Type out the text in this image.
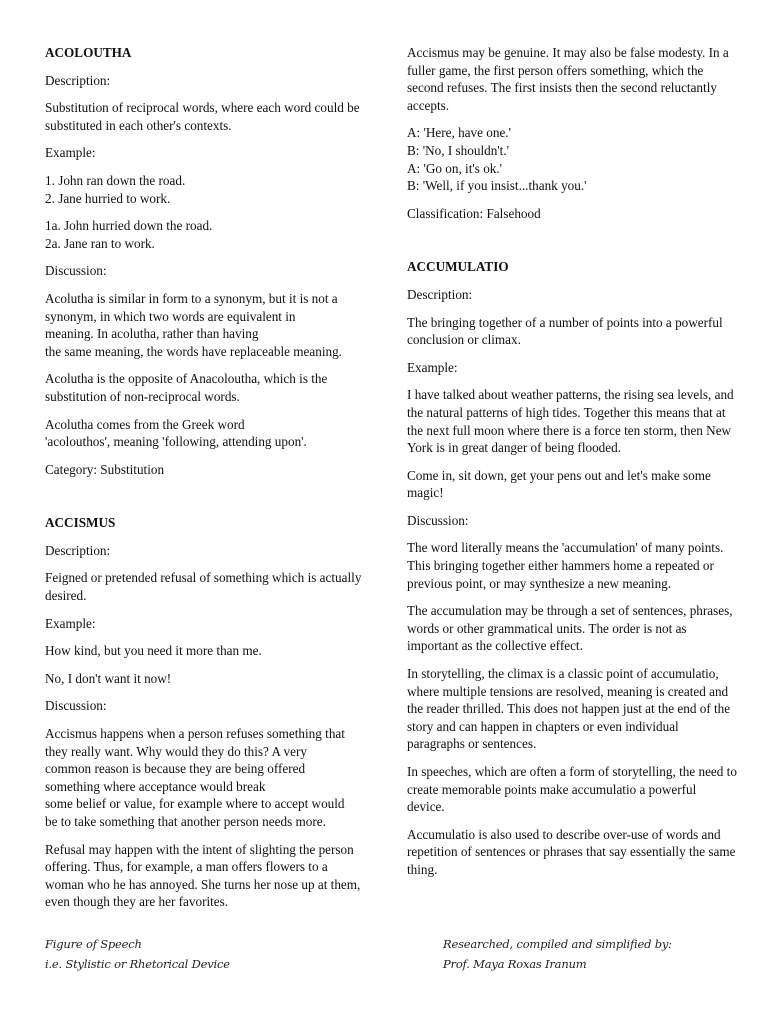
ACOLOUTHA

Description:

Substitution of reciprocal words, where each word could be substituted in each other's contexts.

Example:

1. John ran down the road.
2. Jane hurried to work.

1a. John hurried down the road.
2a. Jane ran to work.

Discussion:

Acolutha is similar in form to a synonym, but it is not a
synonym, in which two words are equivalent in
meaning. In acolutha, rather than having
the same meaning, the words have replaceable meaning.

Acolutha is the opposite of Anacoloutha, which is the substitution of non-reciprocal words.

Acolutha comes from the Greek word
'acolouthos', meaning 'following, attending upon'.

Category: Substitution

ACCISMUS

Description:

Feigned or pretended refusal of something which is actually desired.

Example:

How kind, but you need it more than me.

No, I don't want it now!

Discussion:

Accismus happens when a person refuses something that
they really want. Why would they do this? A very
common reason is because they are being offered
something where acceptance would break
some belief or value, for example where to accept would
be to take something that another person needs more.

Refusal may happen with the intent of slighting the person offering. Thus, for example, a man offers flowers to a woman who he has annoyed. She turns her nose up at them, even though they are her favorites.

Accismus may be genuine. It may also be false modesty. In a fuller game, the first person offers something, which the second refuses. The first insists then the second reluctantly accepts.

A: 'Here, have one.'
B: 'No, I shouldn't.'
A: 'Go on, it's ok.'
B: 'Well, if you insist...thank you.'

Classification: Falsehood

ACCUMULATIO

Description:

The bringing together of a number of points into a powerful conclusion or climax.

Example:

I have talked about weather patterns, the rising sea levels, and the natural patterns of high tides. Together this means that at the next full moon where there is a force ten storm, then New York is in great danger of being flooded.

Come in, sit down, get your pens out and let's make some magic!

Discussion:

The word literally means the 'accumulation' of many points. This bringing together either hammers home a repeated or previous point, or may synthesize a new meaning.

The accumulation may be through a set of sentences, phrases, words or other grammatical units. The order is not as important as the collective effect.

In storytelling, the climax is a classic point of accumulatio, where multiple tensions are resolved, meaning is created and the reader thrilled. This does not happen just at the end of the story and can happen in chapters or even individual paragraphs or sentences.

In speeches, which are often a form of storytelling, the need to create memorable points make accumulatio a powerful device.

Accumulatio is also used to describe over-use of words and repetition of sentences or phrases that say essentially the same thing.

Figure of Speech
i.e. Stylistic or Rhetorical Device
Researched, compiled and simplified by:
Prof. Maya Roxas Iranum
